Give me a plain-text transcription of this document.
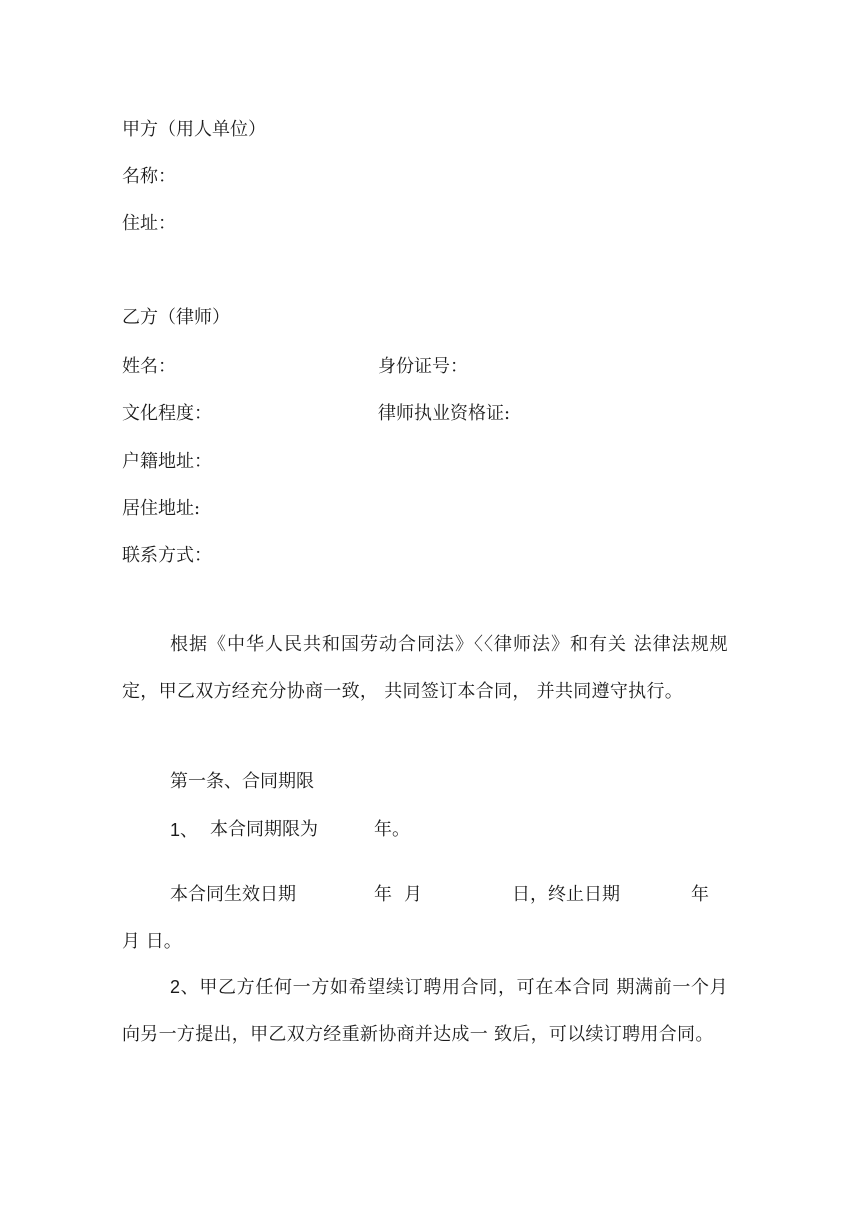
甲方（用人单位）
名称：
住址：
乙方（律师）
姓名：	身份证号：
文化程度：	律师执业资格证:
户籍地址：
居住地址:
联系方式：
根据《中华人民共和国劳动合同法》〈〈律师法》和有关 法律法规规定，甲乙双方经充分协商一致， 共同签订本合同， 并共同遵守执行。
第一条、合同期限
1、 本合同期限为	年。
本合同生效日期	年 月	日，终止日期	年
月 日。
2、甲乙方任何一方如希望续订聘用合同，可在本合同 期满前一个月向另一方提出，甲乙双方经重新协商并达成一 致后，可以续订聘用合同。
